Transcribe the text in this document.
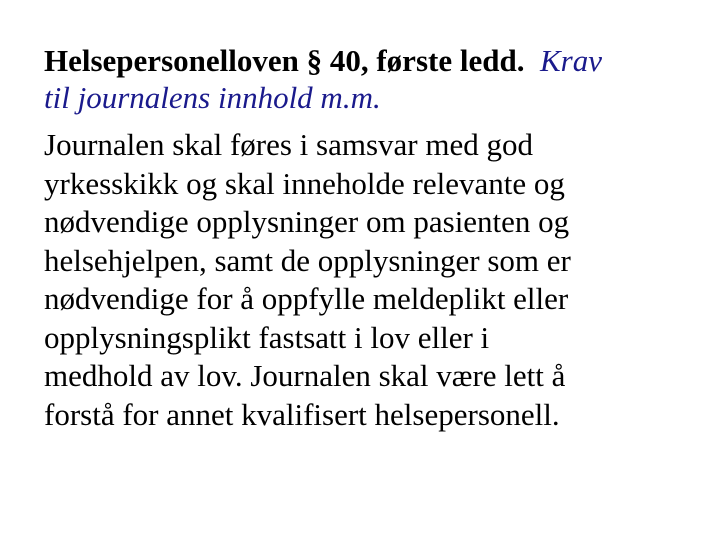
Helsepersonelloven § 40, første ledd. Krav
til journalens innhold m.m.

Journalen skal føres i samsvar med god
yrkesskikk og skal inneholde relevante og
nødvendige opplysninger om pasienten og
helsehjelpen, samt de opplysninger som er
nødvendige for å oppfylle meldeplikt eller
opplysningsplikt fastsatt i lov eller i
medhold av lov. Journalen skal være lett å
forstå for annet kvalifisert helsepersonell.
